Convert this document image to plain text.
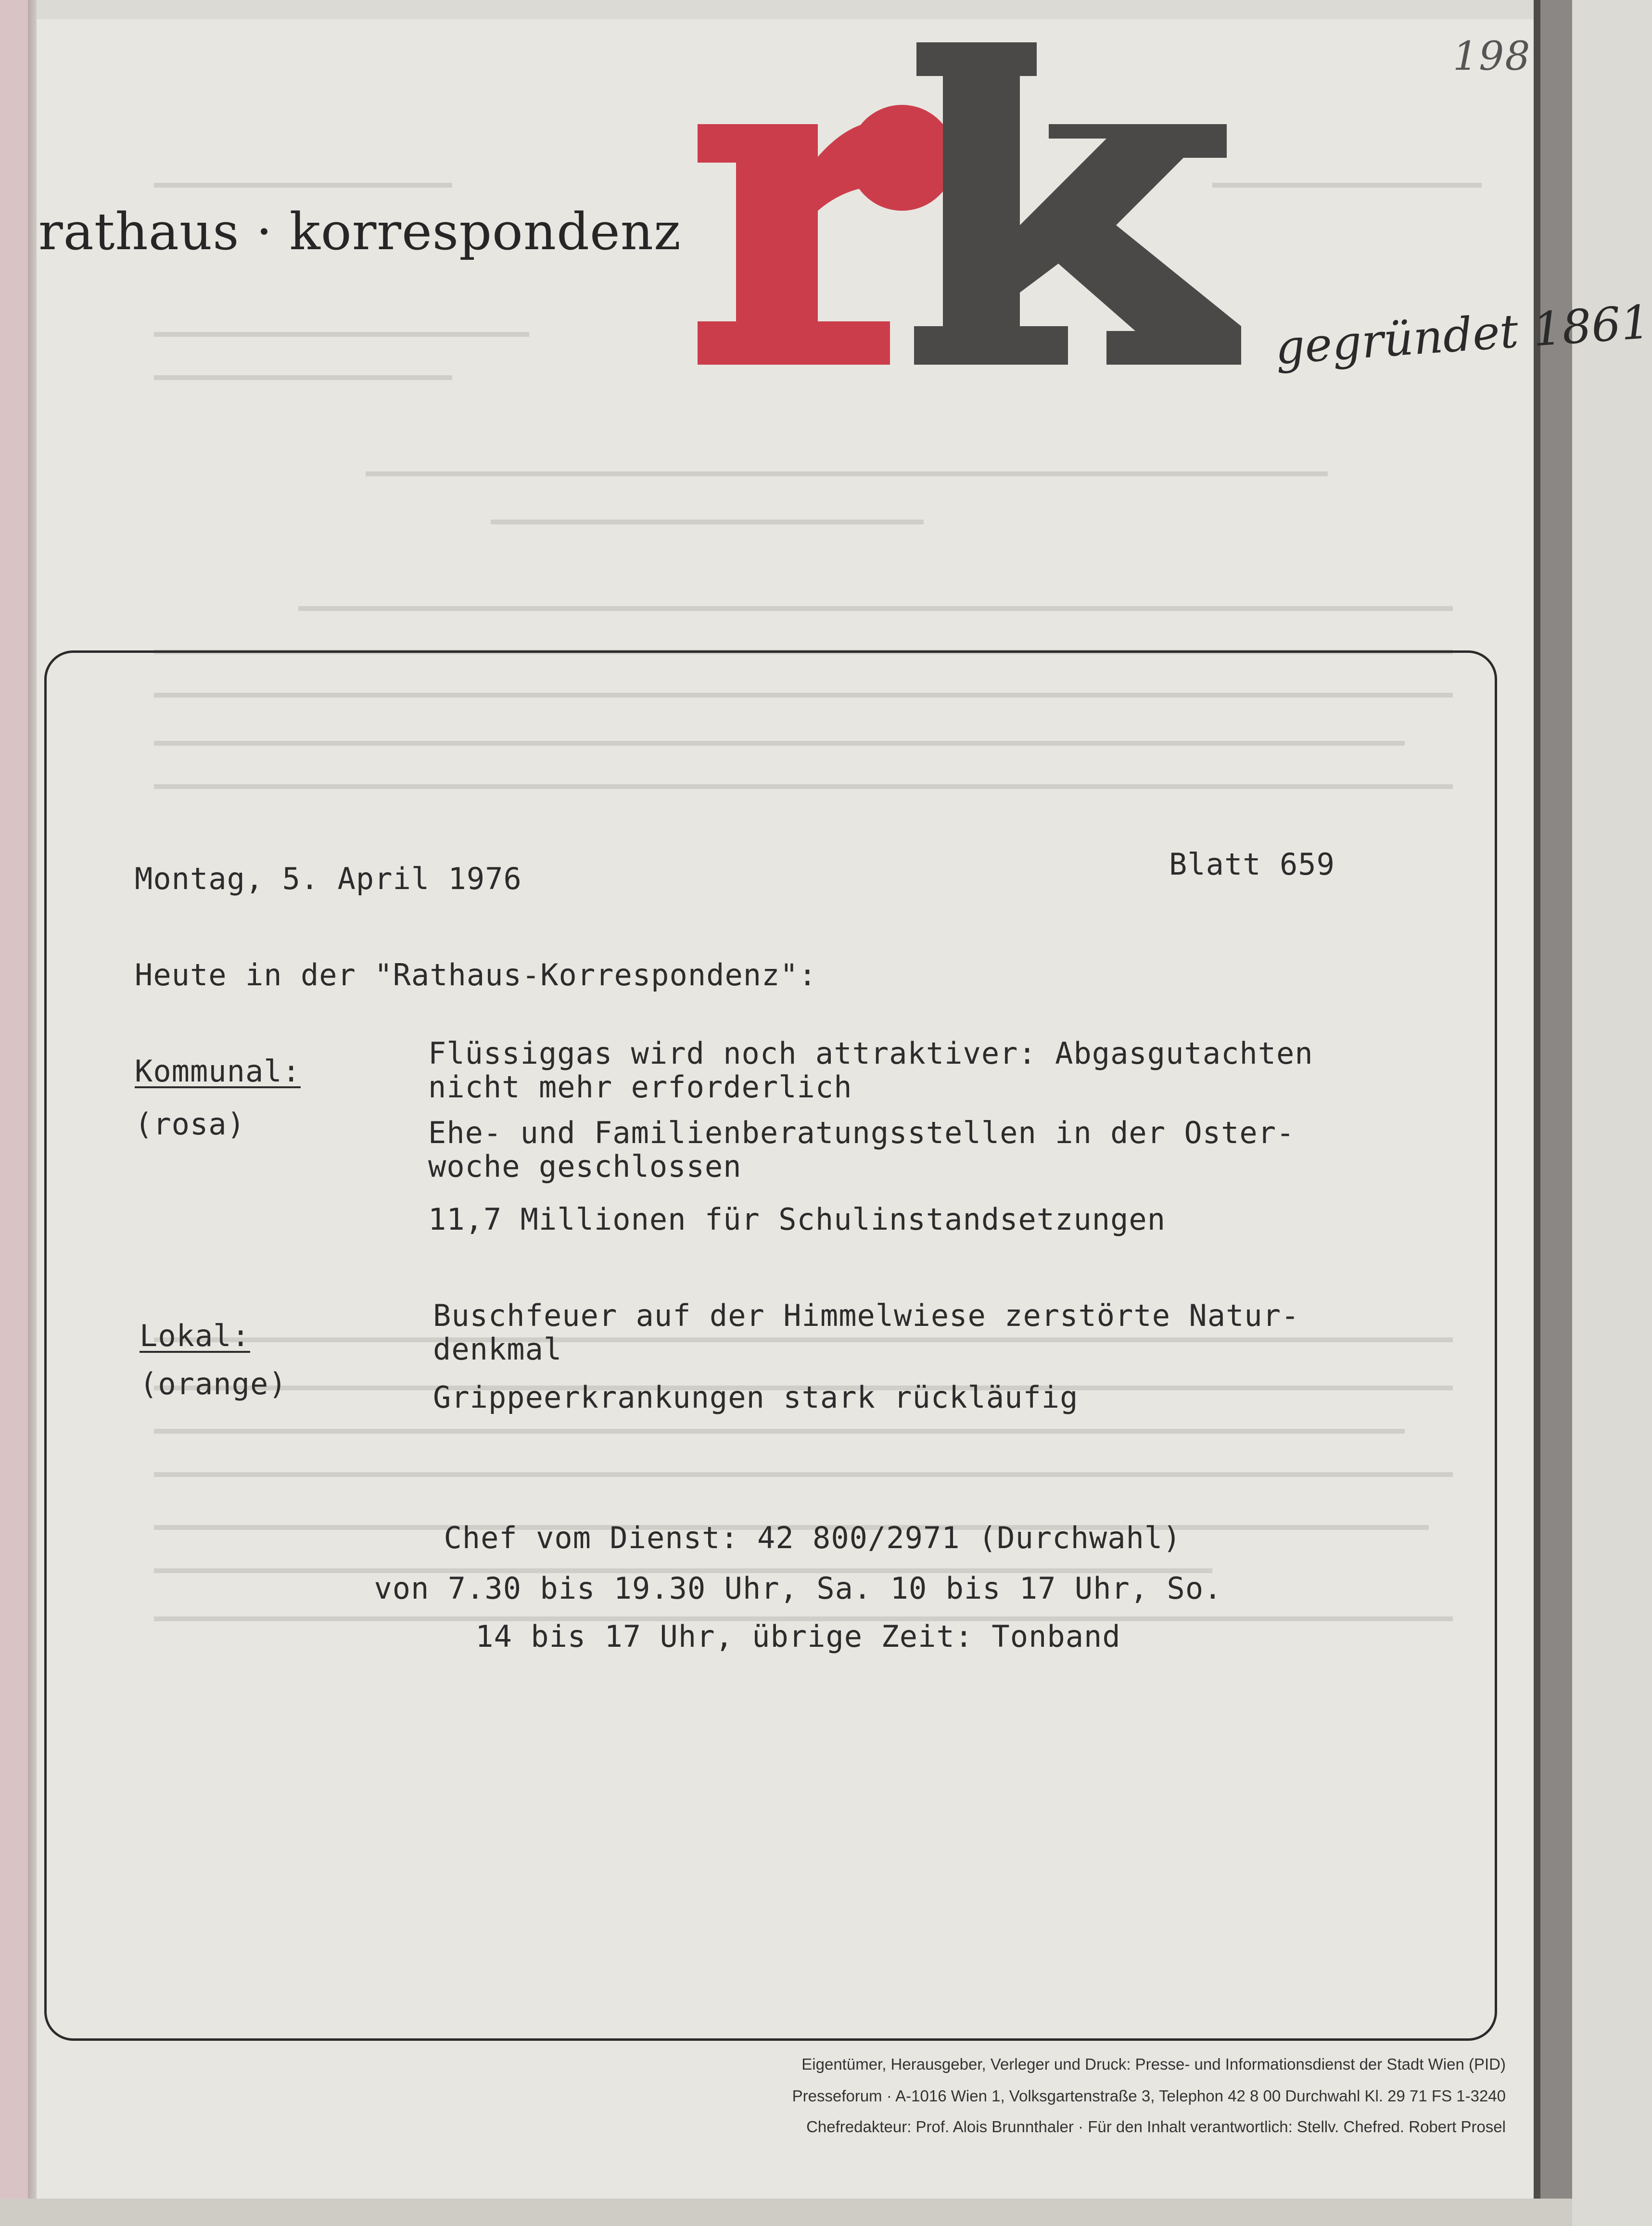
198
rathaus · korrespondenz
gegründet 1861
Montag, 5. April 1976	Blatt 659
Heute in der "Rathaus-Korrespondenz":
Kommunal:
(rosa)
Flüssiggas wird noch attraktiver: Abgasgutachten
nicht mehr erforderlich
Ehe- und Familienberatungsstellen in der Oster-
woche geschlossen
11,7 Millionen für Schulinstandsetzungen
Lokal:
(orange)
Buschfeuer auf der Himmelwiese zerstörte Natur-
denkmal
Grippeerkrankungen stark rückläufig
Chef vom Dienst: 42 800/2971 (Durchwahl)
von 7.30 bis 19.30 Uhr, Sa. 10 bis 17 Uhr, So.
14 bis 17 Uhr, übrige Zeit: Tonband
Eigentümer, Herausgeber, Verleger und Druck: Presse- und Informationsdienst der Stadt Wien (PID)
Presseforum · A-1016 Wien 1, Volksgartenstraße 3, Telephon 42 8 00 Durchwahl Kl. 29 71 FS 1-3240
Chefredakteur: Prof. Alois Brunnthaler · Für den Inhalt verantwortlich: Stellv. Chefred. Robert Prosel
